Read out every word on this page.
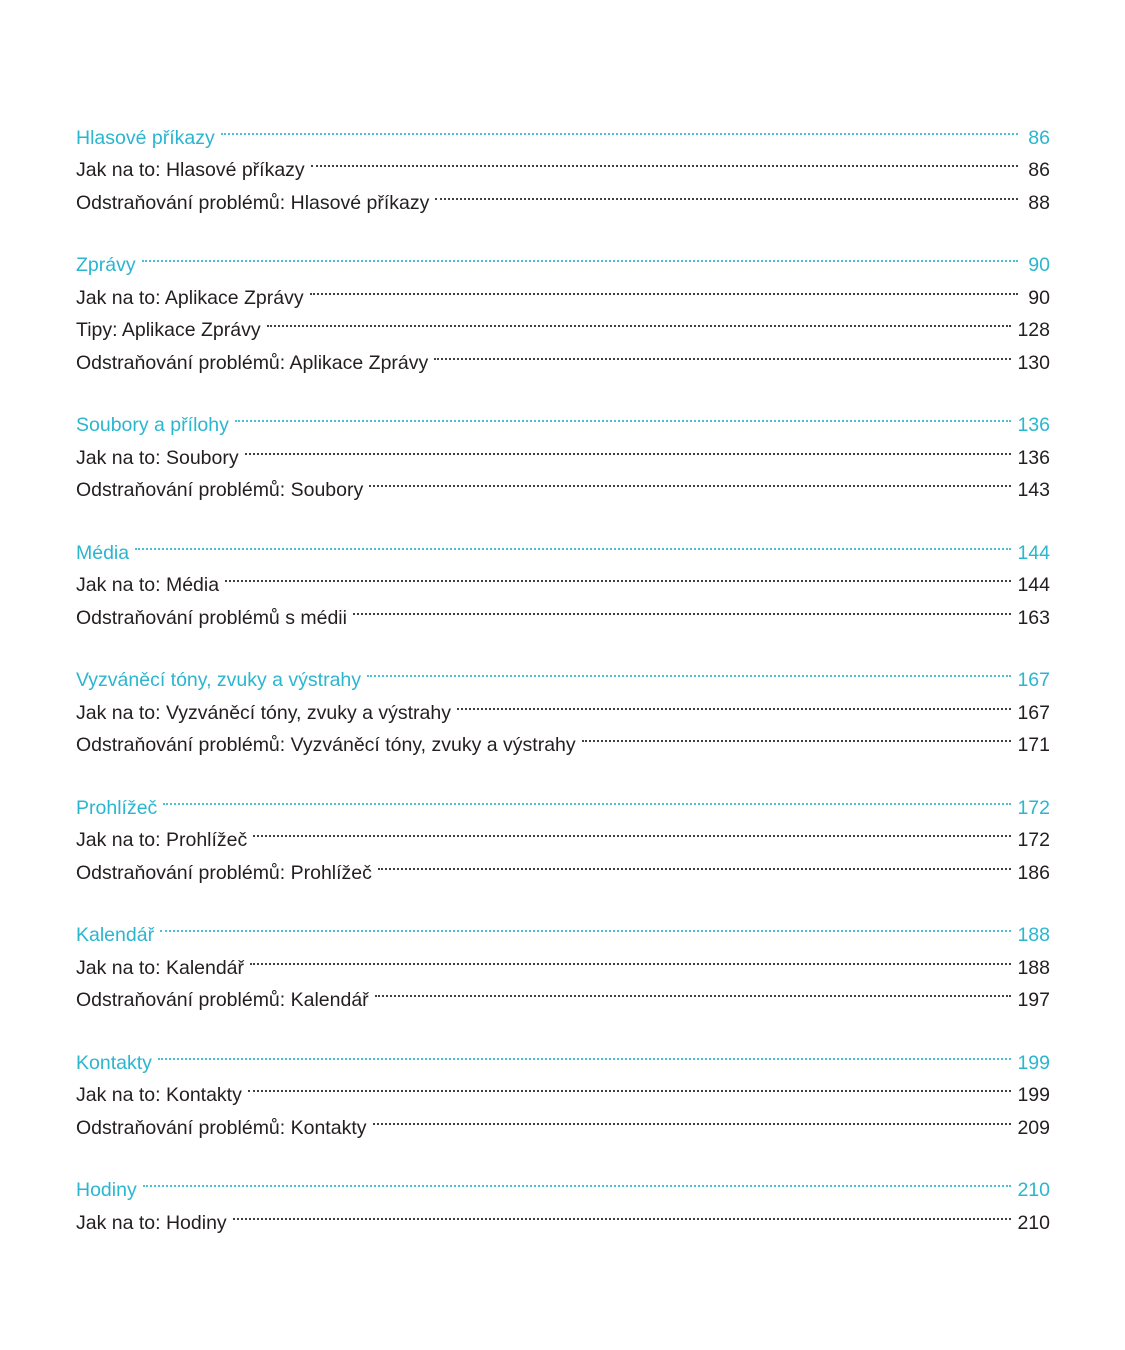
Hlasové příkazy	86
Jak na to: Hlasové příkazy	86
Odstraňování problémů: Hlasové příkazy	88
Zprávy	90
Jak na to: Aplikace Zprávy	90
Tipy: Aplikace Zprávy	128
Odstraňování problémů: Aplikace Zprávy	130
Soubory a přílohy	136
Jak na to: Soubory	136
Odstraňování problémů: Soubory	143
Média	144
Jak na to: Média	144
Odstraňování problémů s médii	163
Vyzváněcí tóny, zvuky a výstrahy	167
Jak na to: Vyzváněcí tóny, zvuky a výstrahy	167
Odstraňování problémů: Vyzváněcí tóny, zvuky a výstrahy	171
Prohlížeč	172
Jak na to: Prohlížeč	172
Odstraňování problémů: Prohlížeč	186
Kalendář	188
Jak na to: Kalendář	188
Odstraňování problémů: Kalendář	197
Kontakty	199
Jak na to: Kontakty	199
Odstraňování problémů: Kontakty	209
Hodiny	210
Jak na to: Hodiny	210
